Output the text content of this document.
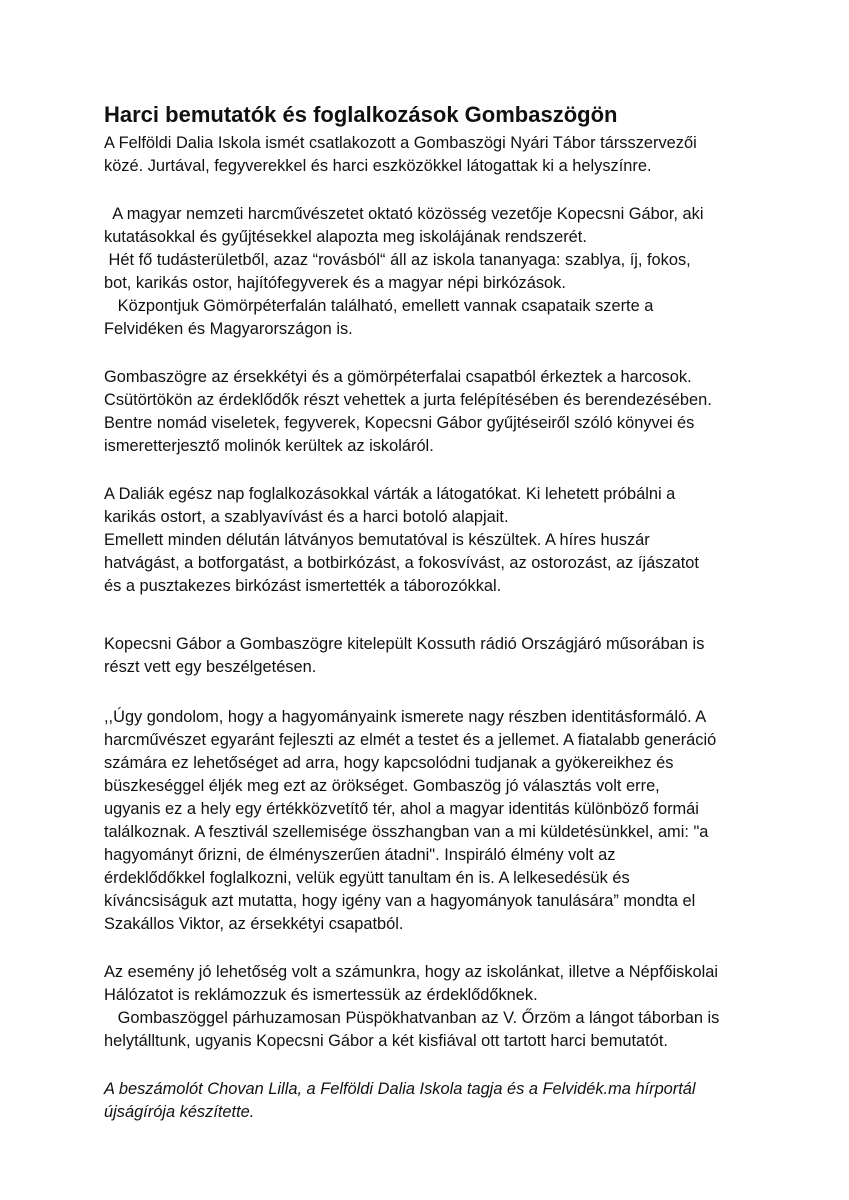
Harci bemutatók és foglalkozások Gombaszögön
A Felföldi Dalia Iskola ismét csatlakozott a Gombaszögi Nyári Tábor társszervezői
közé. Jurtával, fegyverekkel és harci eszközökkel látogattak ki a helyszínre.
A magyar nemzeti harcművészetet oktató közösség vezetője Kopecsni Gábor, aki
kutatásokkal és gyűjtésekkel alapozta meg iskolájának rendszerét.
Hét fő tudásterületből, azaz “rovásból“ áll az iskola tananyaga: szablya, íj, fokos,
bot, karikás ostor, hajítófegyverek és a magyar népi birkózások.
Központjuk Gömörpéterfalán található, emellett vannak csapataik szerte a
Felvidéken és Magyarországon is.
Gombaszögre az érsekkétyi és a gömörpéterfalai csapatból érkeztek a harcosok.
Csütörtökön az érdeklődők részt vehettek a jurta felépítésében és berendezésében.
Bentre nomád viseletek, fegyverek, Kopecsni Gábor gyűjtéseiről szóló könyvei és
ismeretterjesztő molinók kerültek az iskoláról.
A Daliák egész nap foglalkozásokkal várták a látogatókat. Ki lehetett próbálni a
karikás ostort, a szablyavívást és a harci botoló alapjait.
Emellett minden délután látványos bemutatóval is készültek. A híres huszár
hatvágást, a botforgatást, a botbirkózást, a fokosvívást, az ostorozást, az íjászatot
és a pusztakezes birkózást ismertették a táborozókkal.
Kopecsni Gábor a Gombaszögre kitelepült Kossuth rádió Országjáró műsorában is
részt vett egy beszélgetésen.
,,Úgy gondolom, hogy a hagyományaink ismerete nagy részben identitásformáló. A
harcművészet egyaránt fejleszti az elmét a testet és a jellemet. A fiatalabb generáció
számára ez lehetőséget ad arra, hogy kapcsolódni tudjanak a gyökereikhez és
büszkeséggel éljék meg ezt az örökséget. Gombaszög jó választás volt erre,
ugyanis ez a hely egy értékközvetítő tér, ahol a magyar identitás különböző formái
találkoznak. A fesztivál szellemisége összhangban van a mi küldetésünkkel, ami: "a
hagyományt őrizni, de élményszerűen átadni". Inspiráló élmény volt az
érdeklődőkkel foglalkozni, velük együtt tanultam én is. A lelkesedésük és
kíváncsiságuk azt mutatta, hogy igény van a hagyományok tanulására” mondta el
Szakállos Viktor, az érsekkétyi csapatból.
Az esemény jó lehetőség volt a számunkra, hogy az iskolánkat, illetve a Népfőiskolai
Hálózatot is reklámozzuk és ismertessük az érdeklődőknek.
Gombaszöggel párhuzamosan Püspökhatvanban az V. Őrzöm a lángot táborban is
helytálltunk, ugyanis Kopecsni Gábor a két kisfiával ott tartott harci bemutatót.
A beszámolót Chovan Lilla, a Felföldi Dalia Iskola tagja és a Felvidék.ma hírportál
újságírója készítette.
